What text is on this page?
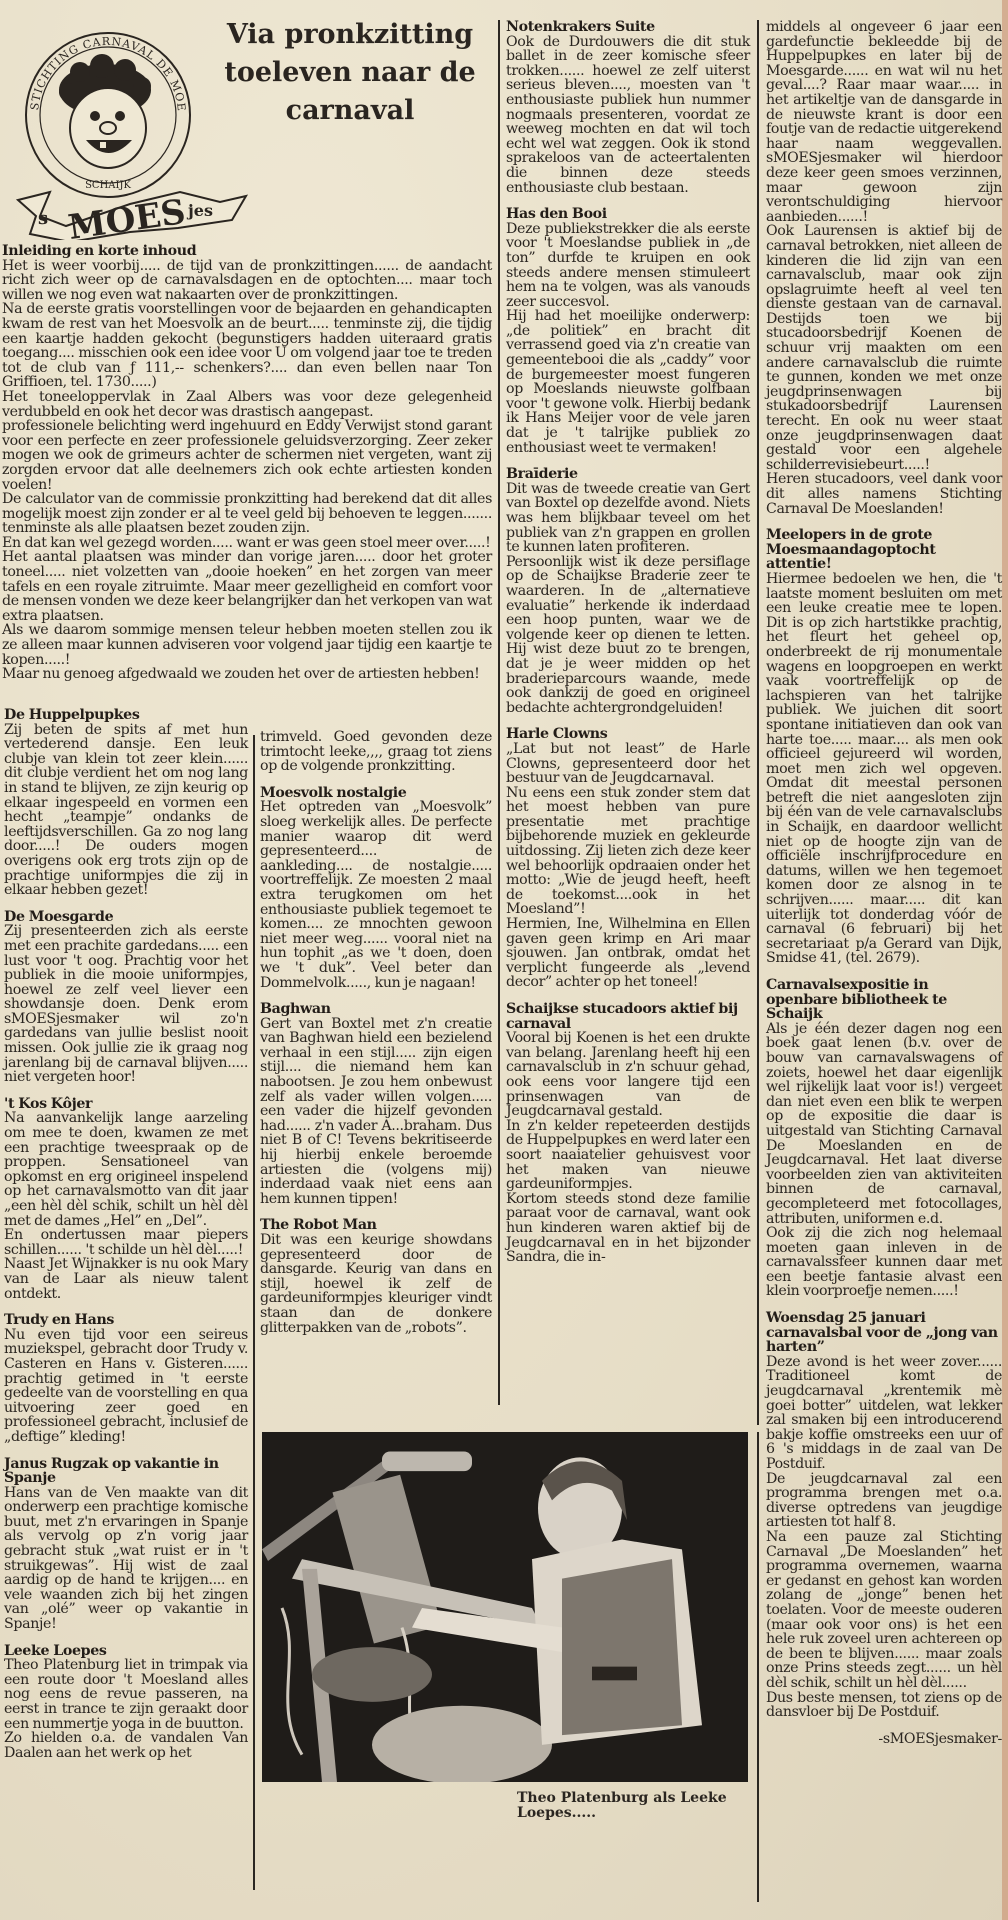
STICHTING CARNAVAL DE MOE
SCHAIJK
s MOES jes
Via pronkzitting
toeleven naar de
carnaval
Inleiding en korte inhoud

Het is weer voorbij..... de tijd van de pronkzittingen...... de aandacht richt zich weer op de carnavalsdagen en de optochten.... maar toch willen we nog even wat nakaarten over de pronkzittingen.

Na de eerste gratis voorstellingen voor de bejaarden en gehandicapten kwam de rest van het Moesvolk an de beurt..... tenminste zij, die tijdig een kaartje hadden gekocht (begunstigers hadden uiteraard gratis toegang.... misschien ook een idee voor U om volgend jaar toe te treden tot de club van ƒ 111,-- schenkers?.... dan even bellen naar Ton Griffioen, tel. 1730.....)

Het toneeloppervlak in Zaal Albers was voor deze gelegenheid verdubbeld en ook het decor was drastisch aangepast.

professionele belichting werd ingehuurd en Eddy Verwijst stond garant voor een perfecte en zeer professionele geluidsverzorging. Zeer zeker mogen we ook de grimeurs achter de schermen niet vergeten, want zij zorgden ervoor dat alle deelnemers zich ook echte artiesten konden voelen!

De calculator van de commissie pronkzitting had berekend dat dit alles mogelijk moest zijn zonder er al te veel geld bij behoeven te leggen....... tenminste als alle plaatsen bezet zouden zijn.

En dat kan wel gezegd worden..... want er was geen stoel meer over.....!

Het aantal plaatsen was minder dan vorige jaren..... door het groter toneel..... niet volzetten van „dooie hoeken” en het zorgen van meer tafels en een royale zitruimte. Maar meer gezelligheid en comfort voor de mensen vonden we deze keer belangrijker dan het verkopen van wat extra plaatsen.

Als we daarom sommige mensen teleur hebben moeten stellen zou ik ze alleen maar kunnen adviseren voor volgend jaar tijdig een kaartje te kopen.....!

Maar nu genoeg afgedwaald we zouden het over de artiesten hebben!

De Huppelpupkes

Zij beten de spits af met hun vertederend dansje. Een leuk clubje van klein tot zeer klein...... dit clubje verdient het om nog lang in stand te blijven, ze zijn keurig op elkaar ingespeeld en vormen een hecht „teampje” ondanks de leeftijdsverschillen. Ga zo nog lang door.....! De ouders mogen overigens ook erg trots zijn op de prachtige uniformpjes die zij in elkaar hebben gezet!

De Moesgarde

Zij presenteerden zich als eerste met een prachite gardedans..... een lust voor 't oog. Prachtig voor het publiek in die mooie uniformpjes, hoewel ze zelf veel liever een showdansje doen. Denk erom sMOESjesmaker wil zo'n gardedans van jullie beslist nooit missen. Ook jullie zie ik graag nog jarenlang bij de carnaval blijven..... niet vergeten hoor!

't Kos Kôjer

Na aanvankelijk lange aarzeling om mee te doen, kwamen ze met een prachtige tweespraak op de proppen. Sensationeel van opkomst en erg origineel inspelend op het carnavalsmotto van dit jaar „een hèl dèl schik, schilt un hèl dèl met de dames „Hel” en „Del”.

En ondertussen maar piepers schillen...... 't schilde un hèl dèl.....!

Naast Jet Wijnakker is nu ook Mary van de Laar als nieuw talent ontdekt.

Trudy en Hans

Nu even tijd voor een seireus muziekspel, gebracht door Trudy v. Casteren en Hans v. Gisteren...... prachtig getimed in 't eerste gedeelte van de voorstelling en qua uitvoering zeer goed en professioneel gebracht, inclusief de „deftige” kleding!

Janus Rugzak op vakantie in Spanje

Hans van de Ven maakte van dit onderwerp een prachtige komische buut, met z'n ervaringen in Spanje als vervolg op z'n vorig jaar gebracht stuk „wat ruist er in 't struikgewas”. Hij wist de zaal aardig op de hand te krijgen.... en vele waanden zich bij het zingen van „olé” weer op vakantie in Spanje!

Leeke Loepes

Theo Platenburg liet in trimpak via een route door 't Moesland alles nog eens de revue passeren, na eerst in trance te zijn geraakt door een nummertje yoga in de buutton.

Zo hielden o.a. de vandalen Van Daalen aan het werk op het

trimveld. Goed gevonden deze trimtocht leeke,,,, graag tot ziens op de volgende pronkzitting.

Moesvolk nostalgie

Het optreden van „Moesvolk” sloeg werkelijk alles. De perfecte manier waarop dit werd gepresenteerd.... de aankleding.... de nostalgie..... voortreffelijk. Ze moesten 2 maal extra terugkomen om het enthousiaste publiek tegemoet te komen.... ze mnochten gewoon niet meer weg...... vooral niet na hun tophit „as we 't doen, doen we 't duk”. Veel beter dan Dommelvolk....., kun je nagaan!

Baghwan

Gert van Boxtel met z'n creatie van Baghwan hield een bezielend verhaal in een stijl..... zijn eigen stijl.... die niemand hem kan nabootsen. Je zou hem onbewust zelf als vader willen volgen..... een vader die hijzelf gevonden had...... z'n vader A...braham. Dus niet B of C! Tevens bekritiseerde hij hierbij enkele beroemde artiesten die (volgens mij) inderdaad vaak niet eens aan hem kunnen tippen!

The Robot Man

Dit was een keurige showdans gepresenteerd door de dansgarde. Keurig van dans en stijl, hoewel ik zelf de gardeuniformpjes kleuriger vindt staan dan de donkere glitterpakken van de „robots”.

Notenkrakers Suite

Ook de Durdouwers die dit stuk ballet in de zeer komische sfeer trokken...... hoewel ze zelf uiterst serieus bleven...., moesten van 't enthousiaste publiek hun nummer nogmaals presenteren, voordat ze weeweg mochten en dat wil toch echt wel wat zeggen. Ook ik stond sprakeloos van de acteertalenten die binnen deze steeds enthousiaste club bestaan.

Has den Booi

Deze publiekstrekker die als eerste voor 't Moeslandse publiek in „de ton” durfde te kruipen en ook steeds andere mensen stimuleert hem na te volgen, was als vanouds zeer succesvol.

Hij had het moeilijke onderwerp: „de politiek” en bracht dit verrassend goed via z'n creatie van gemeentebooi die als „caddy” voor de burgemeester moest fungeren op Moeslands nieuwste golfbaan voor 't gewone volk. Hierbij bedank ik Hans Meijer voor de vele jaren dat je 't talrijke publiek zo enthousiast weet te vermaken!

Braīderie

Dit was de tweede creatie van Gert van Boxtel op dezelfde avond. Niets was hem blijkbaar teveel om het publiek van z'n grappen en grollen te kunnen laten profiteren.

Persoonlijk wist ik deze persiflage op de Schaijkse Braderie zeer te waarderen. In de „alternatieve evaluatie” herkende ik inderdaad een hoop punten, waar we de volgende keer op dienen te letten. Hij wist deze buut zo te brengen, dat je je weer midden op het braderieparcours waande, mede ook dankzij de goed en origineel bedachte achtergrondgeluiden!

Harle Clowns

„Lat but not least” de Harle Clowns, gepresenteerd door het bestuur van de Jeugdcarnaval.

Nu eens een stuk zonder stem dat het moest hebben van pure presentatie met prachtige bijbehorende muziek en gekleurde uitdossing. Zij lieten zich deze keer wel behoorlijk opdraaien onder het motto: „Wie de jeugd heeft, heeft de toekomst....ook in het Moesland”!

Hermien, Ine, Wilhelmina en Ellen gaven geen krimp en Ari maar sjouwen. Jan ontbrak, omdat het verplicht fungeerde als „levend decor” achter op het toneel!

Schaijkse stucadoors aktief bij carnaval

Vooral bij Koenen is het een drukte van belang. Jarenlang heeft hij een carnavalsclub in z'n schuur gehad, ook eens voor langere tijd een prinsenwagen van de Jeugdcarnaval gestald.

In z'n kelder repeteerden destijds de Huppelpupkes en werd later een soort naaiatelier gehuisvest voor het maken van nieuwe gardeuniformpjes.

Kortom steeds stond deze familie paraat voor de carnaval, want ook hun kinderen waren aktief bij de Jeugdcarnaval en in het bijzonder Sandra, die in-

middels al ongeveer 6 jaar een gardefunctie bekleedde bij de Huppelpupkes en later bij de Moesgarde...... en wat wil nu het geval....? Raar maar waar..... in het artikeltje van de dansgarde in de nieuwste krant is door een foutje van de redactie uitgerekend haar naam weggevallen. sMOESjesmaker wil hierdoor deze keer geen smoes verzinnen, maar gewoon zijn verontschuldiging hiervoor aanbieden......!

Ook Laurensen is aktief bij de carnaval betrokken, niet alleen de kinderen die lid zijn van een carnavalsclub, maar ook zijn opslagruimte heeft al veel ten dienste gestaan van de carnaval. Destijds toen we bij stucadoorsbedrijf Koenen de schuur vrij maakten om een andere carnavalsclub die ruimte te gunnen, konden we met onze jeugdprinsenwagen bij stukadoorsbedrijf Laurensen terecht. En ook nu weer staat onze jeugdprinsenwagen daat gestald voor een algehele schilderrevisiebeurt.....!

Heren stucadoors, veel dank voor dit alles namens Stichting Carnaval De Moeslanden!

Meelopers in de grote Moesmaandagoptocht attentie!

Hiermee bedoelen we hen, die 't laatste moment besluiten om met een leuke creatie mee te lopen. Dit is op zich hartstikke prachtig, het fleurt het geheel op, onderbreekt de rij monumentale wagens en loopgroepen en werkt vaak voortreffelijk op de lachspieren van het talrijke publiek. We juichen dit soort spontane initiatieven dan ook van harte toe..... maar.... als men ook officieel gejureerd wil worden, moet men zich wel opgeven. Omdat dit meestal personen betreft die niet aangesloten zijn bij één van de vele carnavalsclubs in Schaijk, en daardoor wellicht niet op de hoogte zijn van de officiële inschrijfprocedure en datums, willen we hen tegemoet komen door ze alsnog in te schrijven...... maar..... dit kan uiterlijk tot donderdag vóór de carnaval (6 februari) bij het secretariaat p/a Gerard van Dijk, Smidse 41, (tel. 2679).

Carnavalsexpositie in openbare bibliotheek te Schaijk

Als je één dezer dagen nog een boek gaat lenen (b.v. over de bouw van carnavalswagens of zoiets, hoewel het daar eigenlijk wel rijkelijk laat voor is!) vergeet dan niet even een blik te werpen op de expositie die daar is uitgestald van Stichting Carnaval De Moeslanden en de Jeugdcarnaval. Het laat diverse voorbeelden zien van aktiviteiten binnen de carnaval, gecompleteerd met fotocollages, attributen, uniformen e.d.

Ook zij die zich nog helemaal moeten gaan inleven in de carnavalssfeer kunnen daar met een beetje fantasie alvast een klein voorproefje nemen.....!

Woensdag 25 januari carnavalsbal voor de „jong van harten”

Deze avond is het weer zover...... Traditioneel komt de jeugdcarnaval „krentemik mè goei botter” uitdelen, wat lekker zal smaken bij een introducerend bakje koffie omstreeks een uur of 6 's middags in de zaal van De Postduif.

De jeugdcarnaval zal een programma brengen met o.a. diverse optredens van jeugdige artiesten tot half 8.

Na een pauze zal Stichting Carnaval „De Moeslanden” het programma overnemen, waarna er gedanst en gehost kan worden zolang de „jonge” benen het toelaten. Voor de meeste ouderen (maar ook voor ons) is het een hele ruk zoveel uren achtereen op de been te blijven...... maar zoals onze Prins steeds zegt...... un hèl dèl schik, schilt un hèl dèl......

Dus beste mensen, tot ziens op de dansvloer bij De Postduif.

-sMOESjesmaker-

Theo Platenburg als Leeke Loepes.....
